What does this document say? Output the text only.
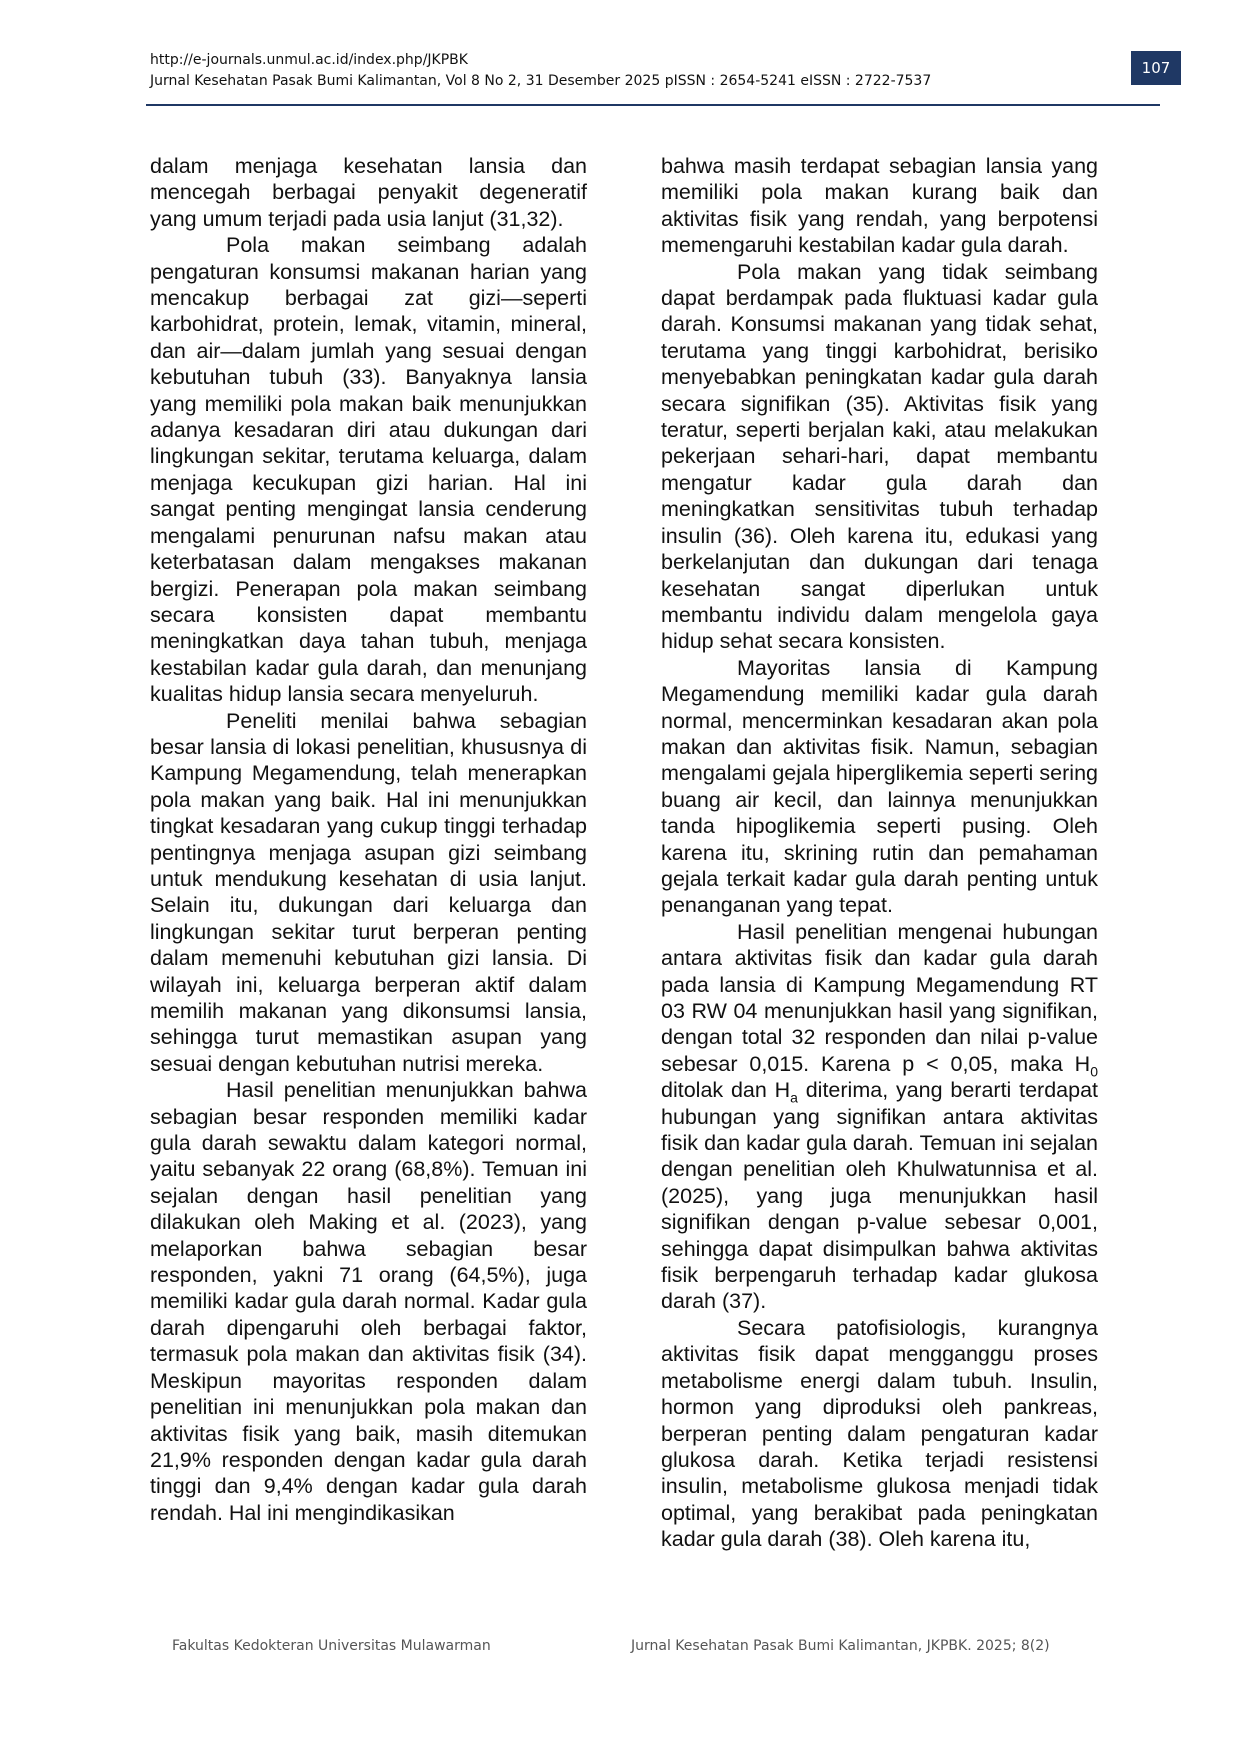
http://e-journals.unmul.ac.id/index.php/JKPBK
Jurnal Kesehatan Pasak Bumi Kalimantan, Vol 8 No 2, 31 Desember 2025 pISSN : 2654-5241 eISSN : 2722-7537
107

dalam menjaga kesehatan lansia dan mencegah berbagai penyakit degeneratif yang umum terjadi pada usia lanjut (31,32).

Pola makan seimbang adalah pengaturan konsumsi makanan harian yang mencakup berbagai zat gizi—seperti karbohidrat, protein, lemak, vitamin, mineral, dan air—dalam jumlah yang sesuai dengan kebutuhan tubuh (33). Banyaknya lansia yang memiliki pola makan baik menunjukkan adanya kesadaran diri atau dukungan dari lingkungan sekitar, terutama keluarga, dalam menjaga kecukupan gizi harian. Hal ini sangat penting mengingat lansia cenderung mengalami penurunan nafsu makan atau keterbatasan dalam mengakses makanan bergizi. Penerapan pola makan seimbang secara konsisten dapat membantu meningkatkan daya tahan tubuh, menjaga kestabilan kadar gula darah, dan menunjang kualitas hidup lansia secara menyeluruh.

Peneliti menilai bahwa sebagian besar lansia di lokasi penelitian, khususnya di Kampung Megamendung, telah menerapkan pola makan yang baik. Hal ini menunjukkan tingkat kesadaran yang cukup tinggi terhadap pentingnya menjaga asupan gizi seimbang untuk mendukung kesehatan di usia lanjut. Selain itu, dukungan dari keluarga dan lingkungan sekitar turut berperan penting dalam memenuhi kebutuhan gizi lansia. Di wilayah ini, keluarga berperan aktif dalam memilih makanan yang dikonsumsi lansia, sehingga turut memastikan asupan yang sesuai dengan kebutuhan nutrisi mereka.

Hasil penelitian menunjukkan bahwa sebagian besar responden memiliki kadar gula darah sewaktu dalam kategori normal, yaitu sebanyak 22 orang (68,8%). Temuan ini sejalan dengan hasil penelitian yang dilakukan oleh Making et al. (2023), yang melaporkan bahwa sebagian besar responden, yakni 71 orang (64,5%), juga memiliki kadar gula darah normal. Kadar gula darah dipengaruhi oleh berbagai faktor, termasuk pola makan dan aktivitas fisik (34). Meskipun mayoritas responden dalam penelitian ini menunjukkan pola makan dan aktivitas fisik yang baik, masih ditemukan 21,9% responden dengan kadar gula darah tinggi dan 9,4% dengan kadar gula darah rendah. Hal ini mengindikasikan

bahwa masih terdapat sebagian lansia yang memiliki pola makan kurang baik dan aktivitas fisik yang rendah, yang berpotensi memengaruhi kestabilan kadar gula darah.

Pola makan yang tidak seimbang dapat berdampak pada fluktuasi kadar gula darah. Konsumsi makanan yang tidak sehat, terutama yang tinggi karbohidrat, berisiko menyebabkan peningkatan kadar gula darah secara signifikan (35). Aktivitas fisik yang teratur, seperti berjalan kaki, atau melakukan pekerjaan sehari-hari, dapat membantu mengatur kadar gula darah dan meningkatkan sensitivitas tubuh terhadap insulin (36). Oleh karena itu, edukasi yang berkelanjutan dan dukungan dari tenaga kesehatan sangat diperlukan untuk membantu individu dalam mengelola gaya hidup sehat secara konsisten.

Mayoritas lansia di Kampung Megamendung memiliki kadar gula darah normal, mencerminkan kesadaran akan pola makan dan aktivitas fisik. Namun, sebagian mengalami gejala hiperglikemia seperti sering buang air kecil, dan lainnya menunjukkan tanda hipoglikemia seperti pusing. Oleh karena itu, skrining rutin dan pemahaman gejala terkait kadar gula darah penting untuk penanganan yang tepat.

Hasil penelitian mengenai hubungan antara aktivitas fisik dan kadar gula darah pada lansia di Kampung Megamendung RT 03 RW 04 menunjukkan hasil yang signifikan, dengan total 32 responden dan nilai p-value sebesar 0,015. Karena p < 0,05, maka $H_0$ ditolak dan $H_a$ diterima, yang berarti terdapat hubungan yang signifikan antara aktivitas fisik dan kadar gula darah. Temuan ini sejalan dengan penelitian oleh Khulwatunnisa et al. (2025), yang juga menunjukkan hasil signifikan dengan p-value sebesar 0,001, sehingga dapat disimpulkan bahwa aktivitas fisik berpengaruh terhadap kadar glukosa darah (37).

Secara patofisiologis, kurangnya aktivitas fisik dapat mengganggu proses metabolisme energi dalam tubuh. Insulin, hormon yang diproduksi oleh pankreas, berperan penting dalam pengaturan kadar glukosa darah. Ketika terjadi resistensi insulin, metabolisme glukosa menjadi tidak optimal, yang berakibat pada peningkatan kadar gula darah (38). Oleh karena itu,

Fakultas Kedokteran Universitas Mulawarman	Jurnal Kesehatan Pasak Bumi Kalimantan, JKPBK. 2025; 8(2)
